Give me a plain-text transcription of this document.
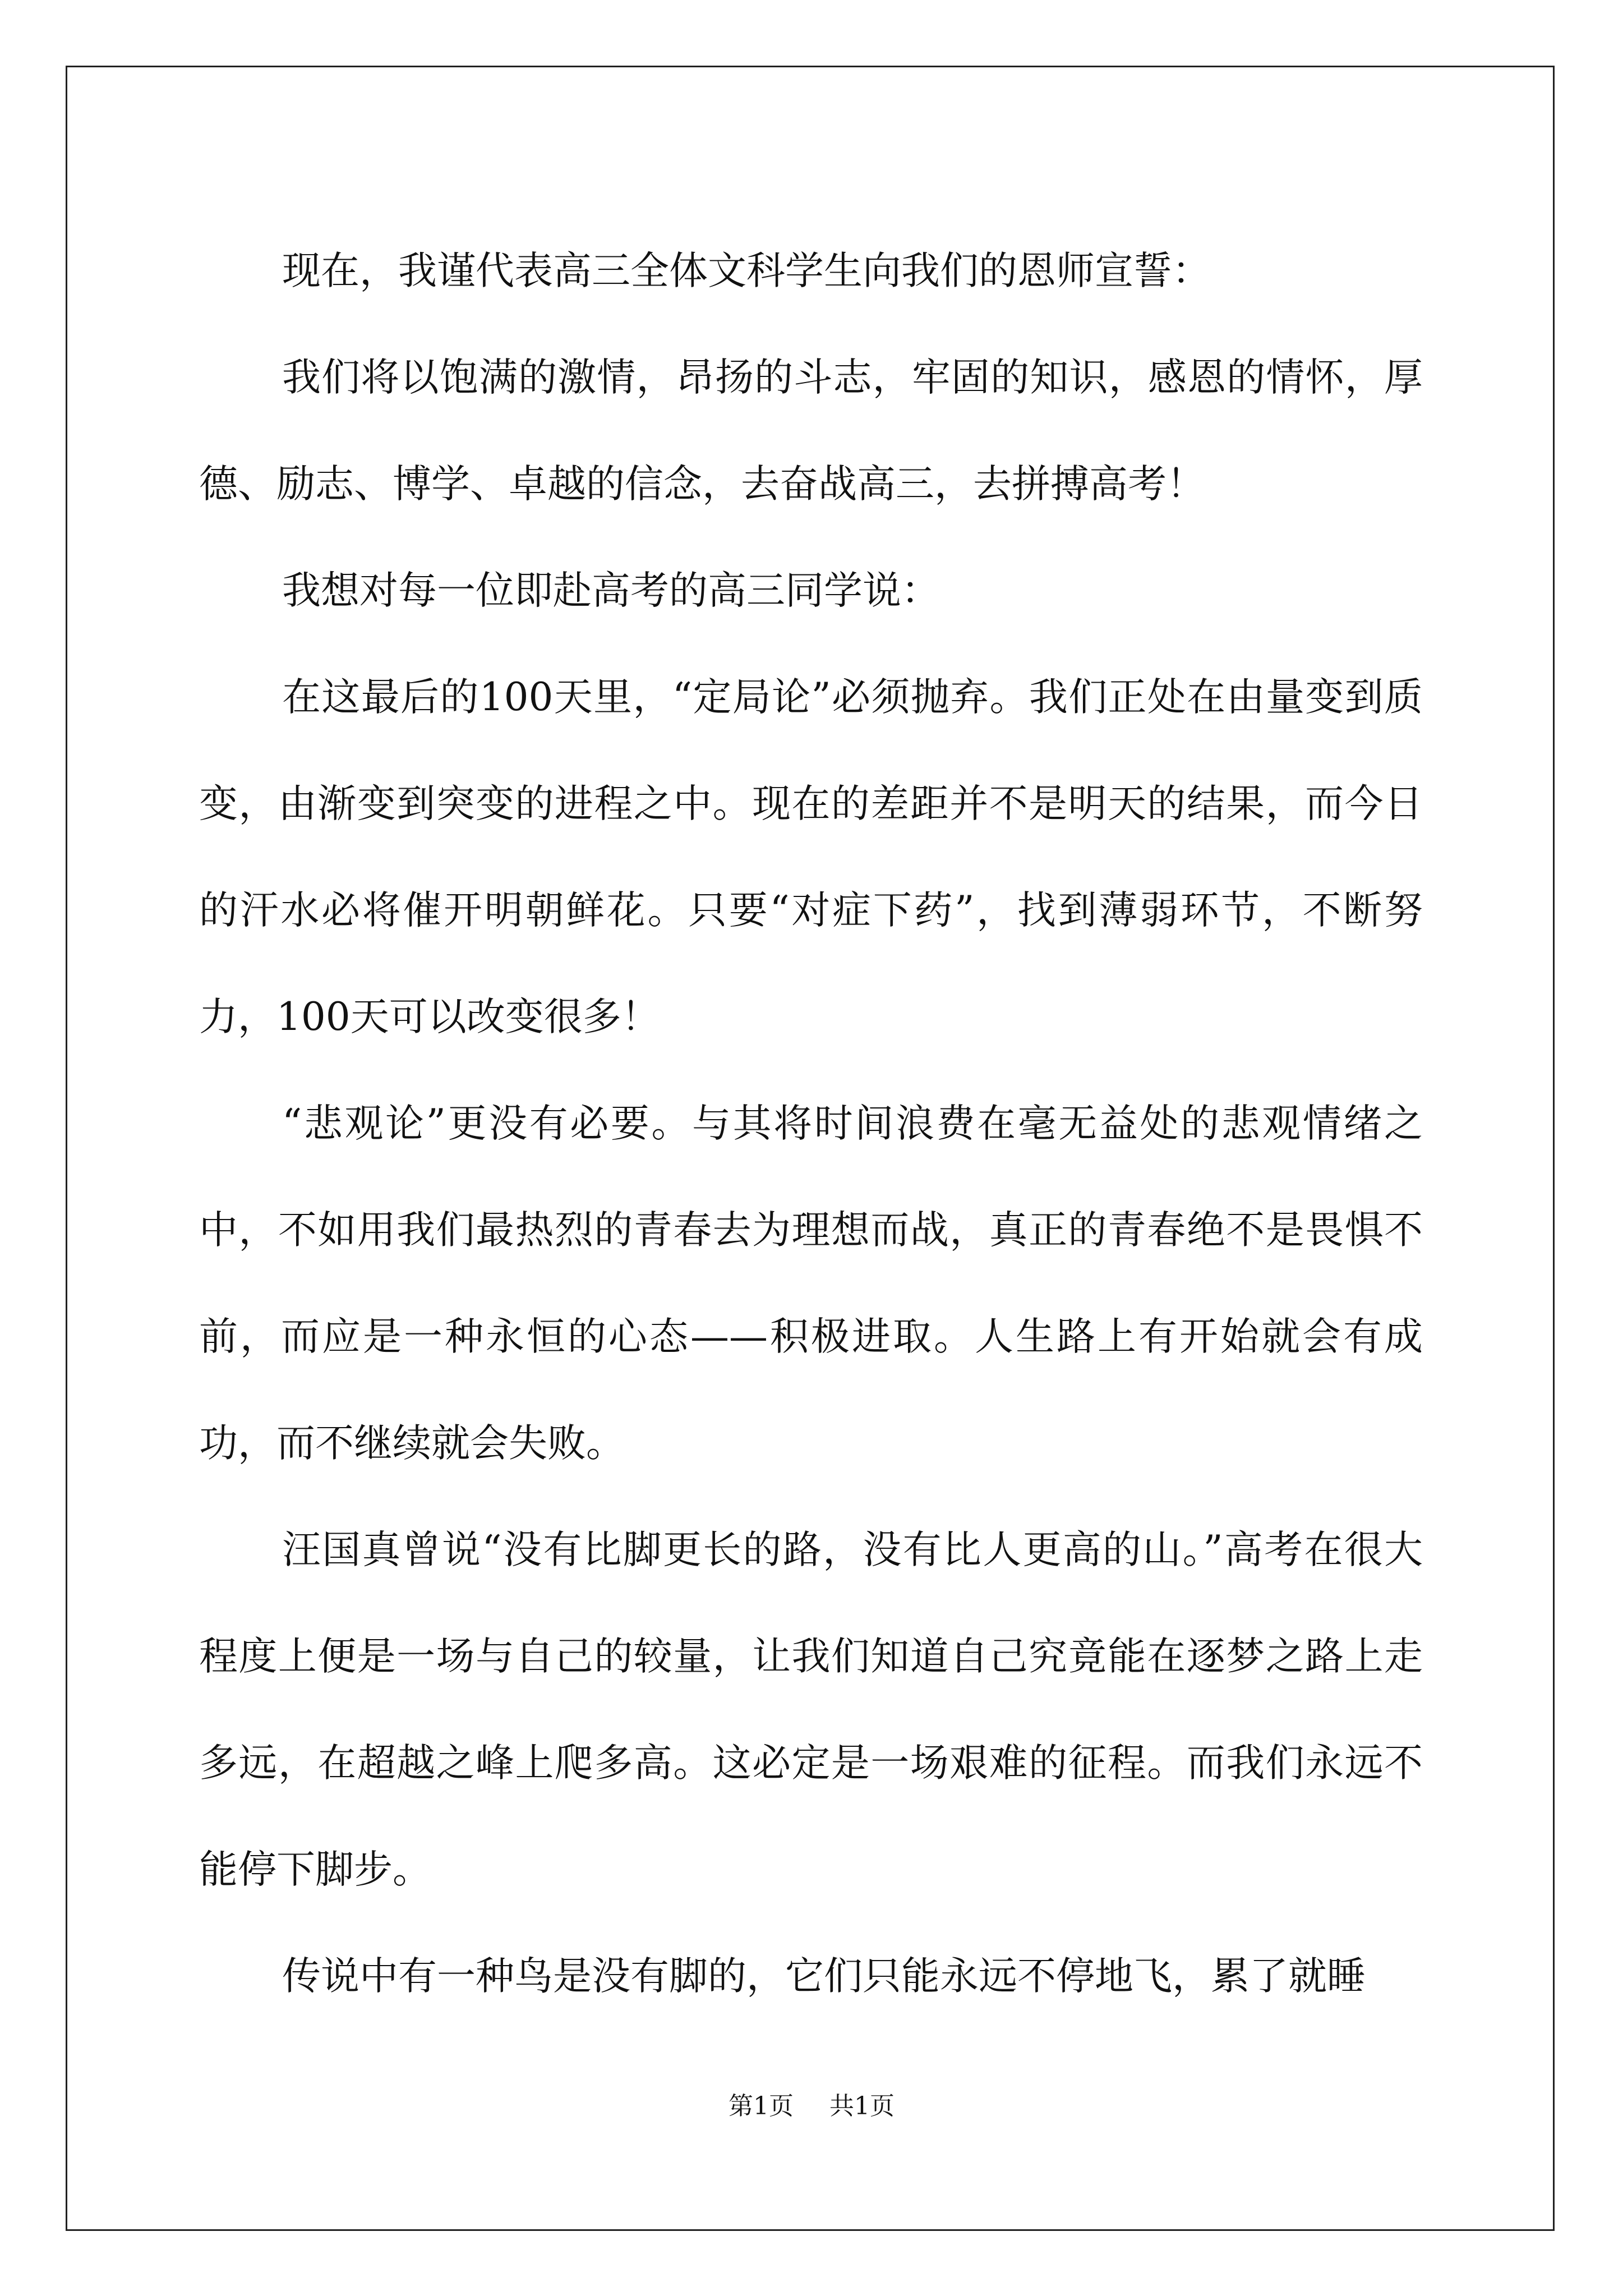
现在，我谨代表高三全体文科学生向我们的恩师宣誓：

我们将以饱满的激情，昂扬的斗志，牢固的知识，感恩的情怀，厚德、励志、博学、卓越的信念，去奋战高三，去拼搏高考！

我想对每一位即赴高考的高三同学说：

在这最后的100天里，“定局论”必须抛弃。我们正处在由量变到质变，由渐变到突变的进程之中。现在的差距并不是明天的结果，而今日的汗水必将催开明朝鲜花。只要“对症下药”，找到薄弱环节，不断努力，100天可以改变很多！

“悲观论”更没有必要。与其将时间浪费在毫无益处的悲观情绪之中，不如用我们最热烈的青春去为理想而战，真正的青春绝不是畏惧不前，而应是一种永恒的心态——积极进取。人生路上有开始就会有成功，而不继续就会失败。

汪国真曾说“没有比脚更长的路，没有比人更高的山。”高考在很大程度上便是一场与自己的较量，让我们知道自己究竟能在逐梦之路上走多远，在超越之峰上爬多高。这必定是一场艰难的征程。而我们永远不能停下脚步。

传说中有一种鸟是没有脚的，它们只能永远不停地飞，累了就睡

第1页 共1页
